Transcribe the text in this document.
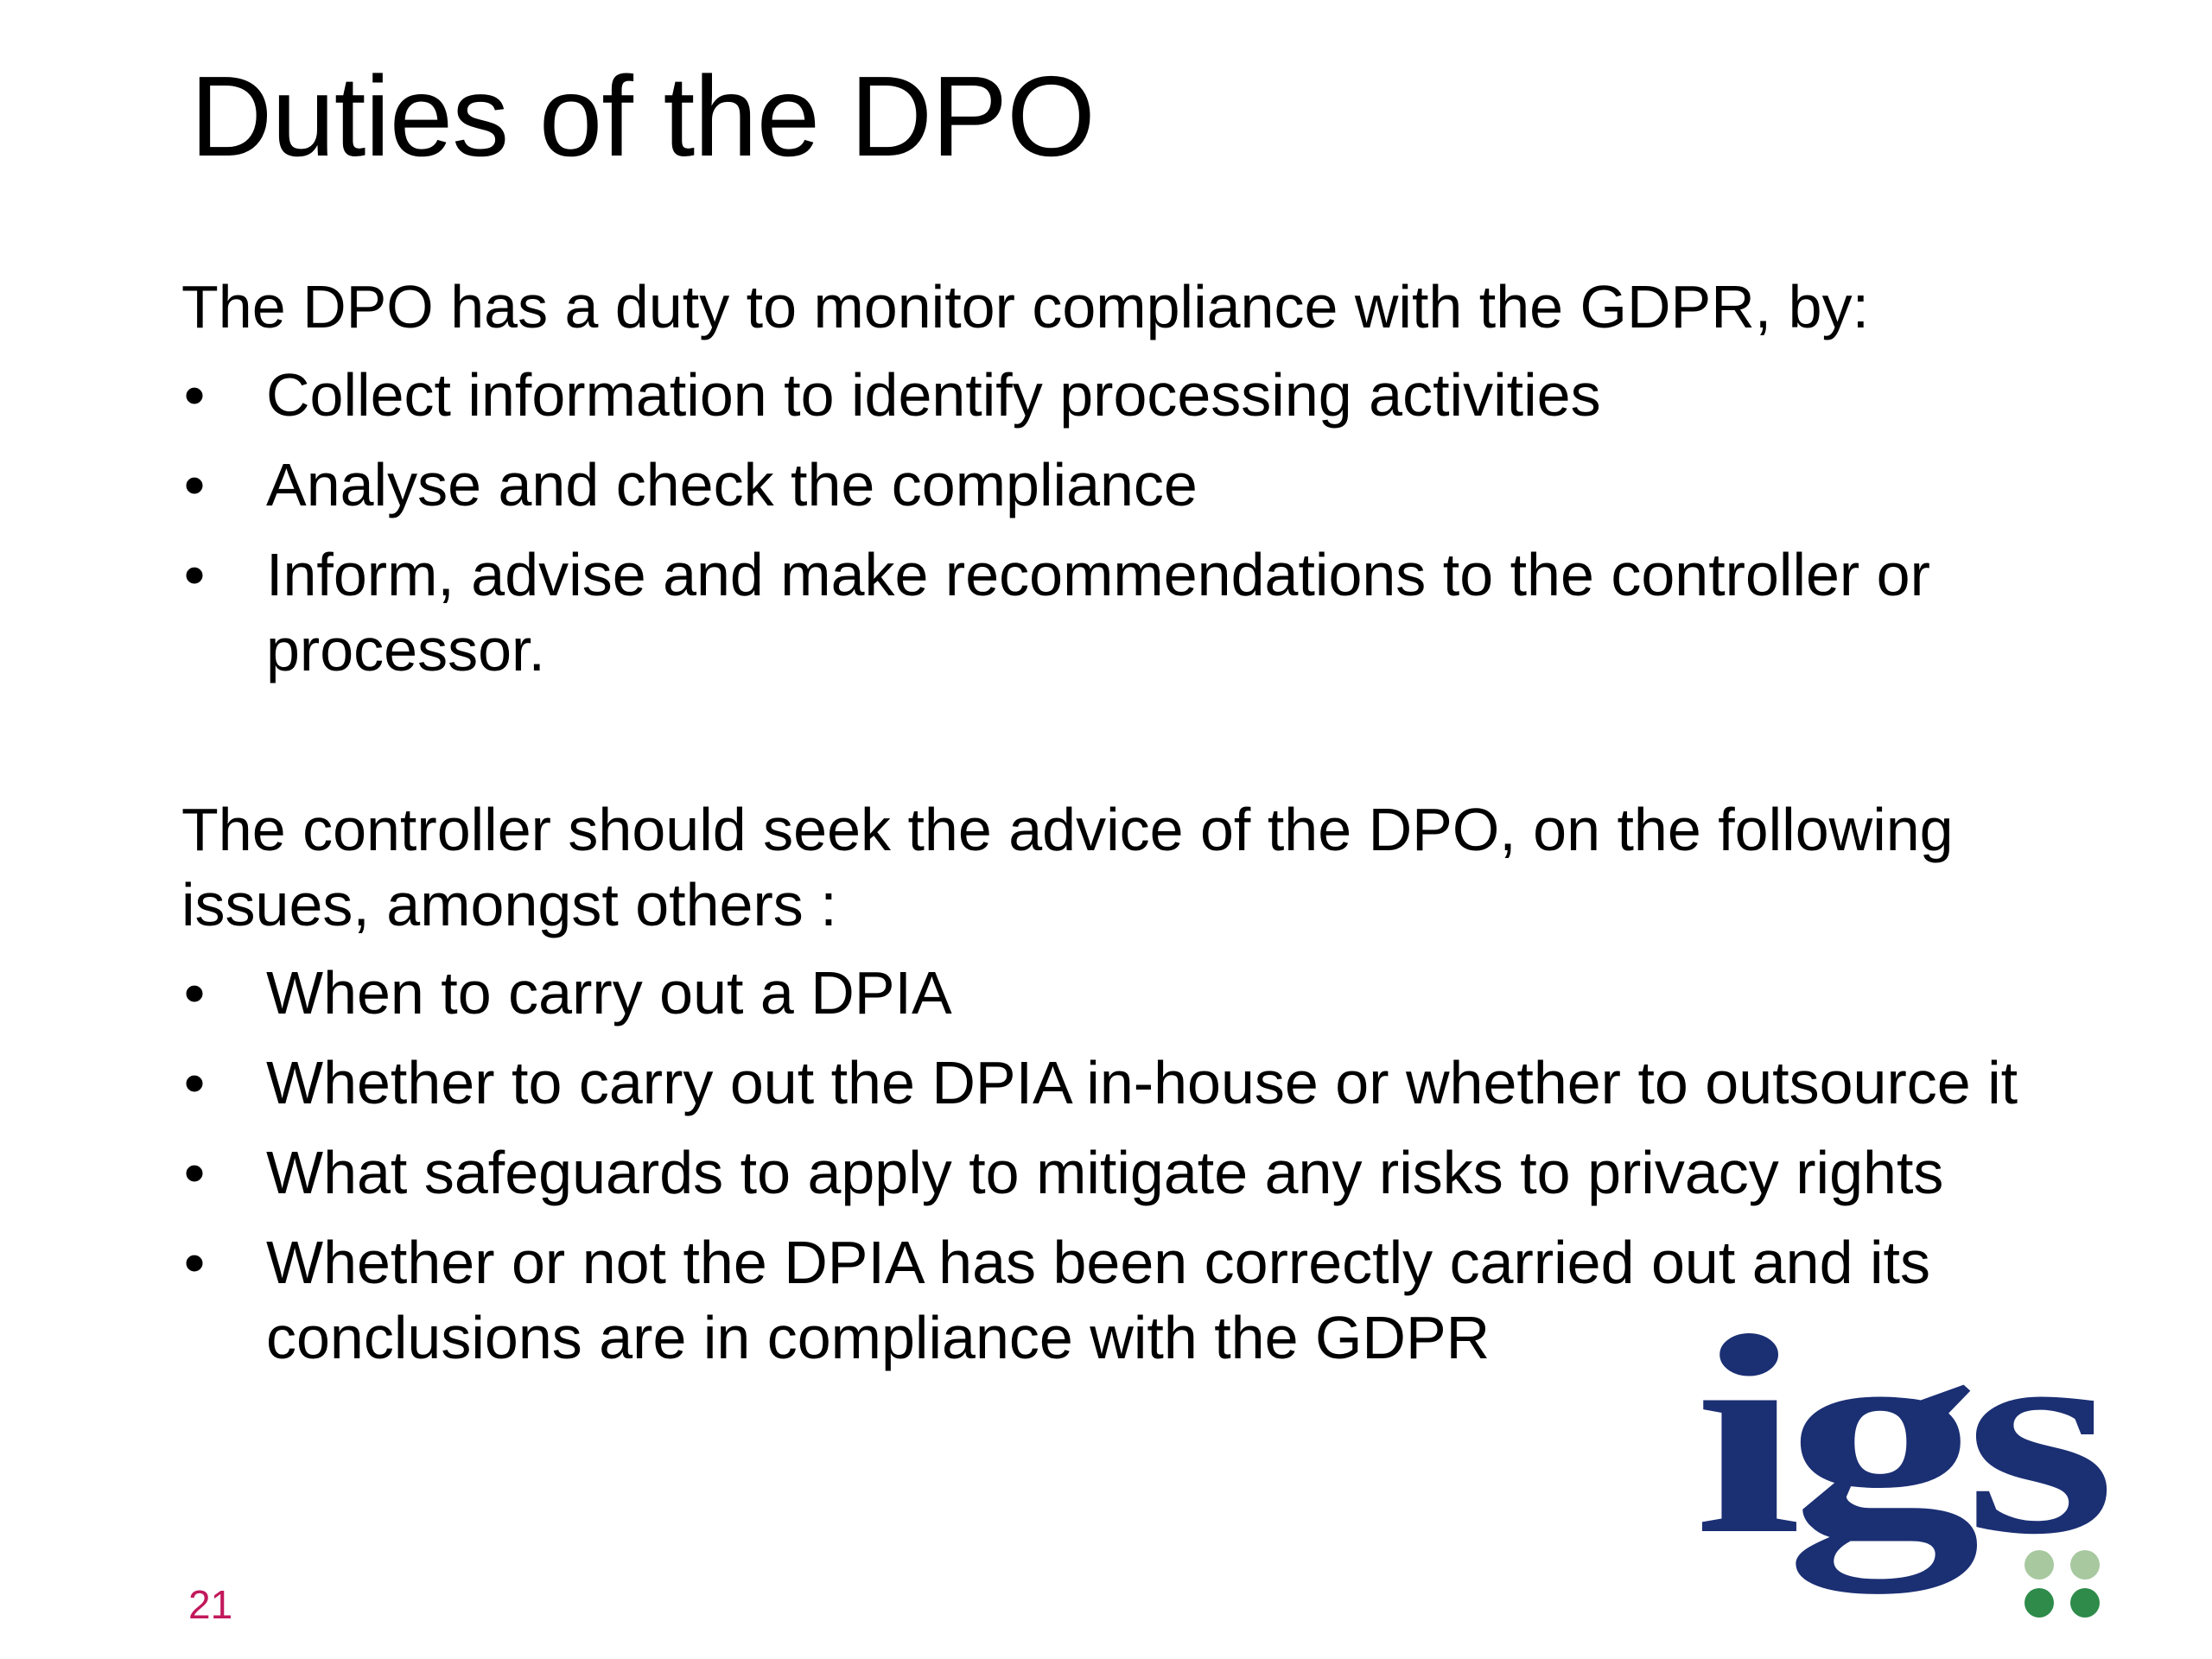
Duties of the DPO

The DPO has a duty to monitor compliance with the GDPR, by:

• Collect information to identify processing activities
• Analyse and check the compliance
• Inform, advise and make recommendations to the controller or processor.

The controller should seek the advice of the DPO, on the following issues, amongst others :

• When to carry out a DPIA
• Whether to carry out the DPIA in-house or whether to outsource it
• What safeguards to apply to mitigate any risks to privacy rights
• Whether or not the DPIA has been correctly carried out and its conclusions are in compliance with the GDPR
21
igs
